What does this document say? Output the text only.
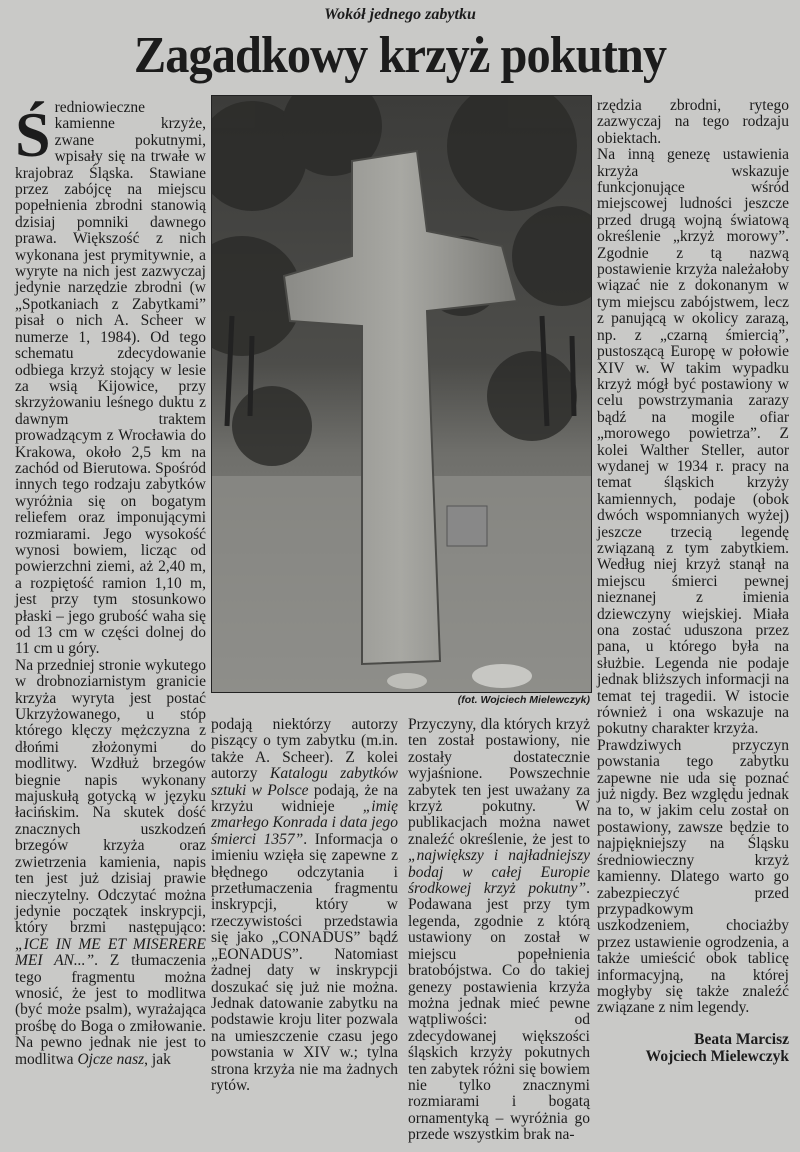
Wokół jednego zabytku
Zagadkowy krzyż pokutny

Średniowieczne kamienne krzyże, zwane pokutnymi, wpisały się na trwałe w krajobraz Śląska. Stawiane przez zabójcę na miejscu popełnienia zbrodni stanowią dzisiaj pomniki dawnego prawa. Większość z nich wykonana jest prymitywnie, a wyryte na nich jest zazwyczaj jedynie narzędzie zbrodni (w „Spotkaniach z Zabytkami” pisał o nich A. Scheer w numerze 1, 1984). Od tego schematu zdecydowanie odbiega krzyż stojący w lesie za wsią Kijowice, przy skrzyżowaniu leśnego duktu z dawnym traktem prowadzącym z Wrocławia do Krakowa, około 2,5 km na zachód od Bierutowa. Spośród innych tego rodzaju zabytków wyróżnia się on bogatym reliefem oraz imponującymi rozmiarami. Jego wysokość wynosi bowiem, licząc od powierzchni ziemi, aż 2,40 m, a rozpiętość ramion 1,10 m, jest przy tym stosunkowo płaski – jego grubość waha się od 13 cm w części dolnej do 11 cm u góry.

Na przedniej stronie wykutego w drobnoziarnistym granicie krzyża wyryta jest postać Ukrzyżowanego, u stóp którego klęczy mężczyzna z dłońmi złożonymi do modlitwy. Wzdłuż brzegów biegnie napis wykonany majuskułą gotycką w języku łacińskim. Na skutek dość znacznych uszkodzeń brzegów krzyża oraz zwietrzenia kamienia, napis ten jest już dzisiaj prawie nieczytelny. Odczytać można jedynie początek inskrypcji, który brzmi następująco: „ICE IN ME ET MISERERE MEI AN...”. Z tłumaczenia tego fragmentu można wnosić, że jest to modlitwa (być może psalm), wyrażająca prośbę do Boga o zmiłowanie. Na pewno jednak nie jest to modlitwa Ojcze nasz, jak

(fot. Wojciech Mielewczyk)

podają niektórzy autorzy piszący o tym zabytku (m.in. także A. Scheer). Z kolei autorzy Katalogu zabytków sztuki w Polsce podają, że na krzyżu widnieje „imię zmarłego Konrada i data jego śmierci 1357”. Informacja o imieniu wzięła się zapewne z błędnego odczytania i przetłumaczenia fragmentu inskrypcji, który w rzeczywistości przedstawia się jako „CONADUS” bądź „EONADUS”. Natomiast żadnej daty w inskrypcji doszukać się już nie można. Jednak datowanie zabytku na podstawie kroju liter pozwala na umieszczenie czasu jego powstania w XIV w.; tylna strona krzyża nie ma żadnych rytów.

Przyczyny, dla których krzyż ten został postawiony, nie zostały dostatecznie wyjaśnione. Powszechnie zabytek ten jest uważany za krzyż pokutny. W publikacjach można nawet znaleźć określenie, że jest to „największy i najładniejszy bodaj w całej Europie środkowej krzyż pokutny”. Podawana jest przy tym legenda, zgodnie z którą ustawiony on został w miejscu popełnienia bratobójstwa. Co do takiej genezy postawienia krzyża można jednak mieć pewne wątpliwości: od zdecydowanej większości śląskich krzyży pokutnych ten zabytek różni się bowiem nie tylko znacznymi rozmiarami i bogatą ornamentyką – wyróżnia go przede wszystkim brak na-

rzędzia zbrodni, rytego zazwyczaj na tego rodzaju obiektach.

Na inną genezę ustawienia krzyża wskazuje funkcjonujące wśród miejscowej ludności jeszcze przed drugą wojną światową określenie „krzyż morowy”. Zgodnie z tą nazwą postawienie krzyża należałoby wiązać nie z dokonanym w tym miejscu zabójstwem, lecz z panującą w okolicy zarazą, np. z „czarną śmiercią”, pustoszącą Europę w połowie XIV w. W takim wypadku krzyż mógł być postawiony w celu powstrzymania zarazy bądź na mogile ofiar „morowego powietrza”. Z kolei Walther Steller, autor wydanej w 1934 r. pracy na temat śląskich krzyży kamiennych, podaje (obok dwóch wspomnianych wyżej) jeszcze trzecią legendę związaną z tym zabytkiem. Według niej krzyż stanął na miejscu śmierci pewnej nieznanej z imienia dziewczyny wiejskiej. Miała ona zostać uduszona przez pana, u którego była na służbie. Legenda nie podaje jednak bliższych informacji na temat tej tragedii. W istocie również i ona wskazuje na pokutny charakter krzyża.

Prawdziwych przyczyn powstania tego zabytku zapewne nie uda się poznać już nigdy. Bez względu jednak na to, w jakim celu został on postawiony, zawsze będzie to najpiękniejszy na Śląsku średniowieczny krzyż kamienny. Dlatego warto go zabezpieczyć przed przypadkowym uszkodzeniem, chociażby przez ustawienie ogrodzenia, a także umieścić obok tablicę informacyjną, na której mogłyby się także znaleźć związane z nim legendy.

Beata Marcisz
Wojciech Mielewczyk
